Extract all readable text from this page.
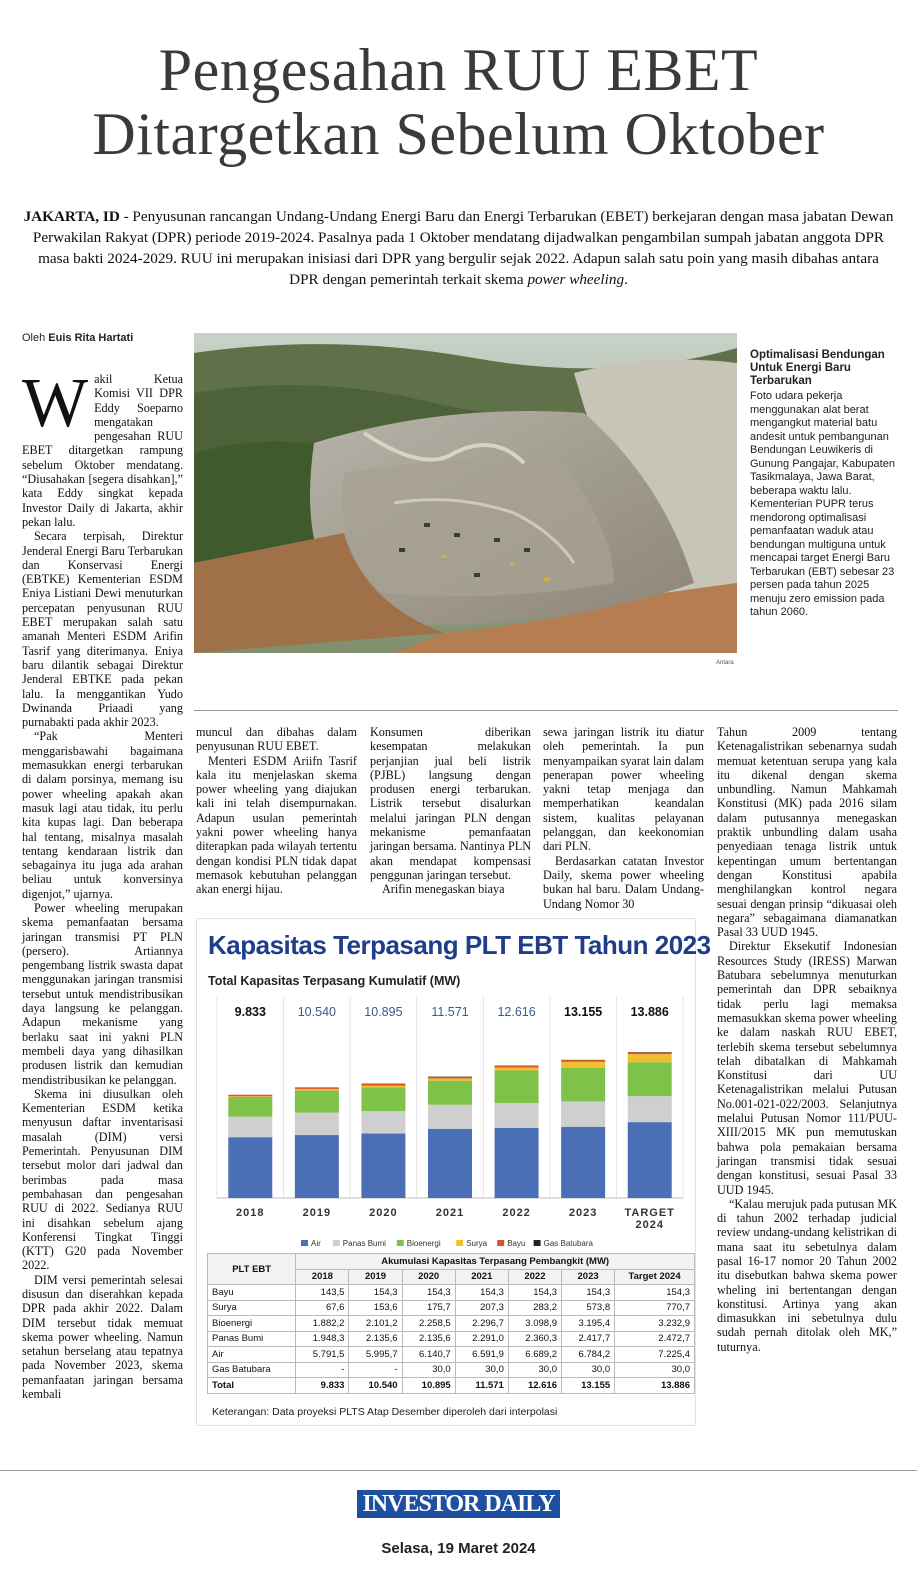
Pengesahan RUU EBET
Ditargetkan Sebelum Oktober
JAKARTA, ID - Penyusunan rancangan Undang-Undang Energi Baru dan Energi Terbarukan (EBET) berkejaran dengan masa jabatan Dewan Perwakilan Rakyat (DPR) periode 2019-2024. Pasalnya pada 1 Oktober mendatang dijadwalkan pengambilan sumpah jabatan anggota DPR masa bakti 2024-2029. RUU ini merupakan inisiasi dari DPR yang bergulir sejak 2022. Adapun salah satu poin yang masih dibahas antara DPR dengan pemerintah terkait skema power wheeling.
Oleh Euis Rita Hartati
Antara
Optimalisasi Bendungan Untuk Energi Baru Terbarukan
Foto udara pekerja menggunakan alat berat mengangkut material batu andesit untuk pembangunan Bendungan Leuwikeris di Gunung Pangajar, Kabupaten Tasikmalaya, Jawa Barat, beberapa waktu lalu. Kementerian PUPR terus mendorong optimalisasi pemanfaatan waduk atau bendungan multiguna untuk mencapai target Energi Baru Terbarukan (EBT) sebesar 23 persen pada tahun 2025 menuju zero emission pada tahun 2060.
W akil Ketua Komisi VII DPR Eddy Soeparno mengatakan pengesahan RUU EBET ditargetkan rampung sebelum Oktober mendatang. “Diusahakan [segera disahkan],” kata Eddy singkat kepada Investor Daily di Jakarta, akhir pekan lalu.

Secara terpisah, Direktur Jenderal Energi Baru Terbarukan dan Konservasi Energi (EBTKE) Kementerian ESDM Eniya Listiani Dewi menuturkan percepatan penyusunan RUU EBET merupakan salah satu amanah Menteri ESDM Arifin Tasrif yang diterimanya. Eniya baru dilantik sebagai Direktur Jenderal EBTKE pada pekan lalu. Ia menggantikan Yudo Dwinanda Priaadi yang purnabakti pada akhir 2023.

“Pak Menteri menggarisbawahi bagaimana memasukkan energi terbarukan di dalam porsinya, memang isu power wheeling apakah akan masuk lagi atau tidak, itu perlu kita kupas lagi. Dan beberapa hal tentang, misalnya masalah tentang kendaraan listrik dan sebagainya itu juga ada arahan beliau untuk konversinya digenjot,” ujarnya.

Power wheeling merupakan skema pemanfaatan bersama jaringan transmisi PT PLN (persero). Artiannya pengembang listrik swasta dapat menggunakan jaringan transmisi tersebut untuk mendistribusikan daya langsung ke pelanggan. Adapun mekanisme yang berlaku saat ini yakni PLN membeli daya yang dihasilkan produsen listrik dan kemudian mendistribusikan ke pelanggan.

Skema ini diusulkan oleh Kementerian ESDM ketika menyusun daftar inventarisasi masalah (DIM) versi Pemerintah. Penyusunan DIM tersebut molor dari jadwal dan berimbas pada masa pembahasan dan pengesahan RUU di 2022. Sedianya RUU ini disahkan sebelum ajang Konferensi Tingkat Tinggi (KTT) G20 pada November 2022.

DIM versi pemerintah selesai disusun dan diserahkan kepada DPR pada akhir 2022. Dalam DIM tersebut tidak memuat skema power wheeling. Namun setahun berselang atau tepatnya pada November 2023, skema pemanfaatan jaringan bersama kembali

muncul dan dibahas dalam penyusunan RUU EBET.

Menteri ESDM Ariifn Tasrif kala itu menjelaskan skema power wheeling yang diajukan kali ini telah disempurnakan. Adapun usulan pemerintah yakni power wheeling hanya diterapkan pada wilayah tertentu dengan kondisi PLN tidak dapat memasok kebutuhan pelanggan akan energi hijau.

Konsumen diberikan kesempatan melakukan perjanjian jual beli listrik (PJBL) langsung dengan produsen energi terbarukan. Listrik tersebut disalurkan melalui jaringan PLN dengan mekanisme pemanfaatan jaringan bersama. Nantinya PLN akan mendapat kompensasi penggunan jaringan tersebut.

Arifin menegaskan biaya

sewa jaringan listrik itu diatur oleh pemerintah. Ia pun menyampaikan syarat lain dalam penerapan power wheeling yakni tetap menjaga dan memperhatikan keandalan sistem, kualitas pelayanan pelanggan, dan keekonomian dari PLN.

Berdasarkan catatan Investor Daily, skema power wheeling bukan hal baru. Dalam Undang-Undang Nomor 30

Tahun 2009 tentang Ketenagalistrikan sebenarnya sudah memuat ketentuan serupa yang kala itu dikenal dengan skema unbundling. Namun Mahkamah Konstitusi (MK) pada 2016 silam dalam putusannya menegaskan praktik unbundling dalam usaha penyediaan tenaga listrik untuk kepentingan umum bertentangan dengan Konstitusi apabila menghilangkan kontrol negara sesuai dengan prinsip “dikuasai oleh negara” sebagaimana diamanatkan Pasal 33 UUD 1945.

Direktur Eksekutif Indonesian Resources Study (IRESS) Marwan Batubara sebelumnya menuturkan pemerintah dan DPR sebaiknya tidak perlu lagi memaksa memasukkan skema power wheeling ke dalam naskah RUU EBET, terlebih skema tersebut sebelumnya telah dibatalkan di Mahkamah Konstitusi dari UU Ketenagalistrikan melalui Putusan No.001-021-022/2003. Selanjutnya melalui Putusan Nomor 111/PUU-XIII/2015 MK pun memutuskan bahwa pola pemakaian bersama jaringan transmisi tidak sesuai dengan konstitusi, sesuai Pasal 33 UUD 1945.

“Kalau merujuk pada putusan MK di tahun 2002 terhadap judicial review undang-undang kelistrikan di mana saat itu sebetulnya dalam pasal 16-17 nomor 20 Tahun 2002 itu disebutkan bahwa skema power wheling ini bertentangan dengan konstitusi. Artinya yang akan dimasukkan ini sebetulnya dulu sudah pernah ditolak oleh MK,” tuturnya.

Kapasitas Terpasang PLT EBT Tahun 2023
Total Kapasitas Terpasang Kumulatif (MW)
9.833
2018
10.540
2019
10.895
2020
11.571
2021
12.616
2022
13.155
2023
13.886
TARGET
2024
Air	Panas Bumi	Bioenergi	Surya	Bayu Gas Batubara
PLT EBT	Akumulasi Kapasitas Terpasang Pembangkit (MW)						
	2018	2019	2020	2021	2022	2023	Target 2024
Bayu	143,5	154,3	154,3	154,3	154,3	154,3	154,3
Surya	67,6	153,6	175,7	207,3	283,2	573,8	770,7
Bioenergi	1.882,2	2.101,2	2.258,5	2.296,7	3.098,9	3.195,4	3.232,9
Panas Bumi	1.948,3	2.135,6	2.135,6	2.291,0	2.360,3	2.417,7	2.472,7
Air	5.791,5	5.995,7	6.140,7	6.591,9	6.689,2	6.784,2	7.225,4
Gas Batubara	-	-	30,0	30,0	30,0	30,0	30,0
Total	9.833	10.540	10.895	11.571	12.616	13.155	13.886
Keterangan: Data proyeksi PLTS Atap Desember diperoleh dari interpolasi
INVESTOR DAILY
Selasa, 19 Maret 2024
